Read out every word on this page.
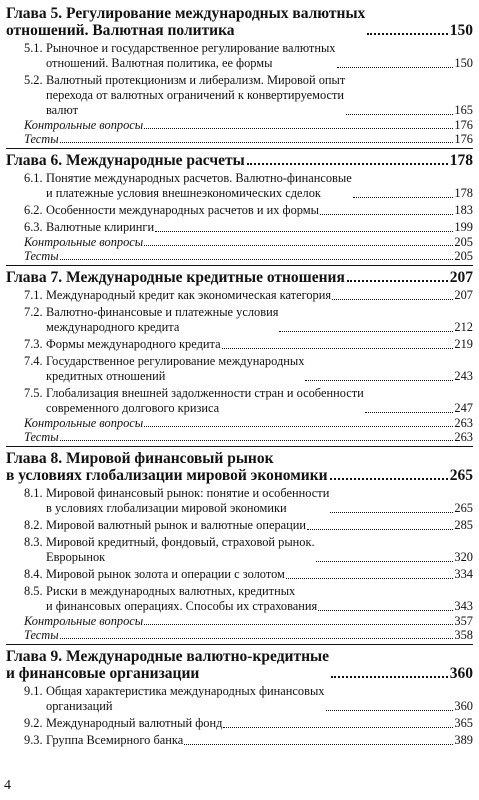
Глава 5. Регулирование международных валютных
отношений. Валютная политика	150
5.1. Рыночное и государственное регулирование валютных
отношений. Валютная политика, ее формы	150
5.2. Валютный протекционизм и либерализм. Мировой опыт
перехода от валютных ограничений к конвертируемости
валют	165
Контрольные вопросы	176
Тесты	176
Глава 6. Международные расчеты	178
6.1. Понятие международных расчетов. Валютно-финансовые
и платежные условия внешнеэкономических сделок	178
6.2. Особенности международных расчетов и их формы	183
6.3. Валютные клиринги	199
Контрольные вопросы	205
Тесты	205
Глава 7. Международные кредитные отношения	207
7.1. Международный кредит как экономическая категория	207
7.2. Валютно-финансовые и платежные условия
международного кредита	212
7.3. Формы международного кредита	219
7.4. Государственное регулирование международных
кредитных отношений	243
7.5. Глобализация внешней задолженности стран и особенности
современного долгового кризиса	247
Контрольные вопросы	263
Тесты	263
Глава 8. Мировой финансовый рынок
в условиях глобализации мировой экономики	265
8.1. Мировой финансовый рынок: понятие и особенности
в условиях глобализации мировой экономики	265
8.2. Мировой валютный рынок и валютные операции	285
8.3. Мировой кредитный, фондовый, страховой рынок.
Еврорынок	320
8.4. Мировой рынок золота и операции с золотом	334
8.5. Риски в международных валютных, кредитных
и финансовых операциях. Способы их страхования	343
Контрольные вопросы	357
Тесты	358
Глава 9. Международные валютно-кредитные
и финансовые организации	360
9.1. Общая характеристика международных финансовых
организаций	360
9.2. Международный валютный фонд	365
9.3. Группа Всемирного банка	389
4
